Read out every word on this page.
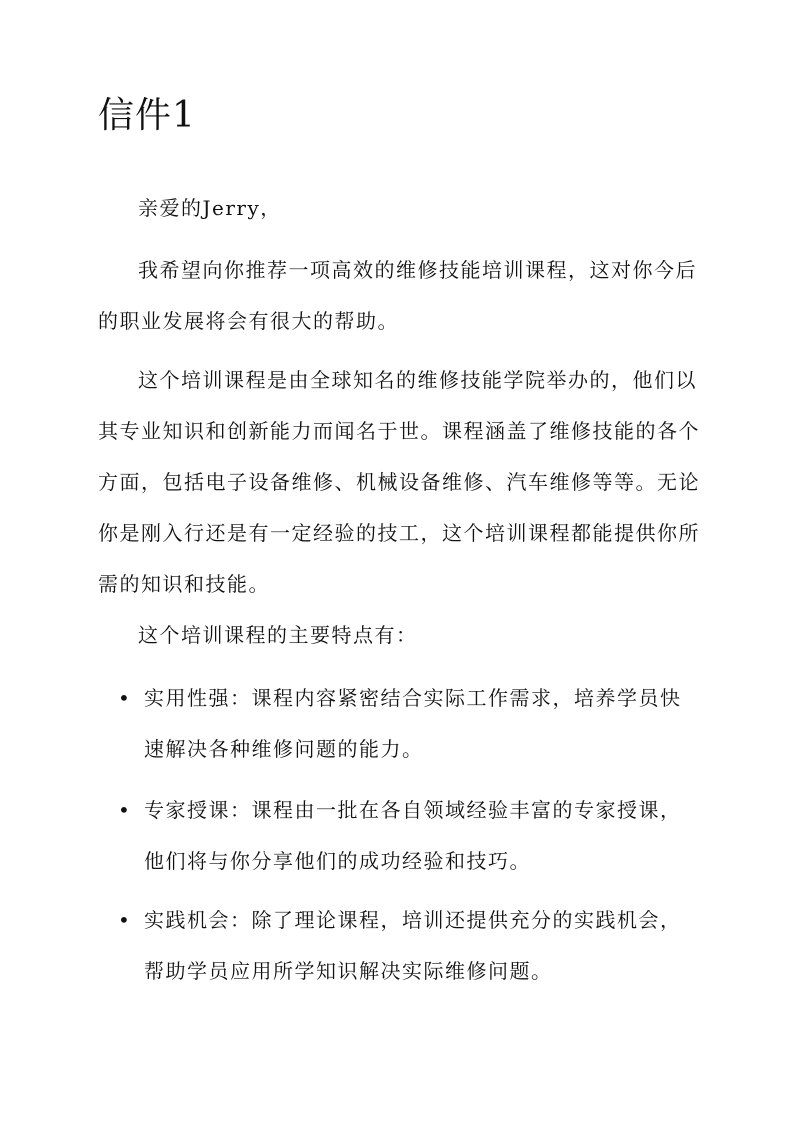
信件1

亲爱的Jerry，

我希望向你推荐一项高效的维修技能培训课程，这对你今后的职业发展将会有很大的帮助。

这个培训课程是由全球知名的维修技能学院举办的，他们以其专业知识和创新能力而闻名于世。课程涵盖了维修技能的各个方面，包括电子设备维修、机械设备维修、汽车维修等等。无论你是刚入行还是有一定经验的技工，这个培训课程都能提供你所需的知识和技能。

这个培训课程的主要特点有：

• 实用性强：课程内容紧密结合实际工作需求，培养学员快速解决各种维修问题的能力。
• 专家授课：课程由一批在各自领域经验丰富的专家授课，他们将与你分享他们的成功经验和技巧。
• 实践机会：除了理论课程，培训还提供充分的实践机会，帮助学员应用所学知识解决实际维修问题。
